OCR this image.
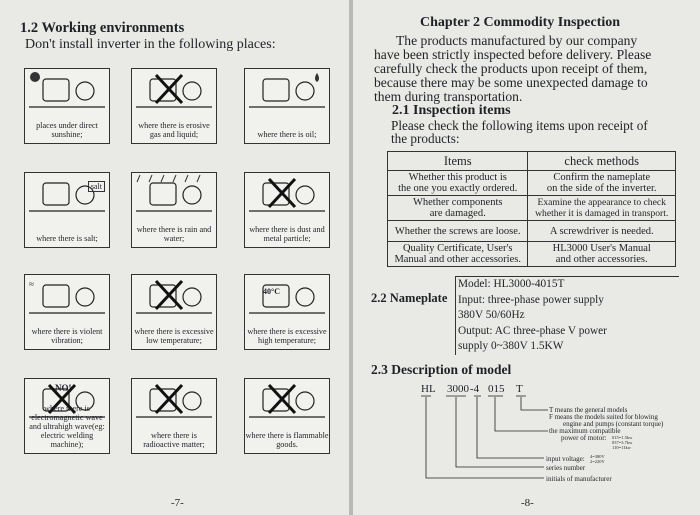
1.2 Working environments
Don't install inverter in the following places:
places under direct sunshine;
where there is erosive gas and liquid;	where there is oil;
salt
where there is salt;
where there is rain and water;
where there is dust and metal particle;
≈
where there is violent vibration;
where there is excessive low temperature;
40°C
where there is excessive high temperature;
NO!
where there is electromagnetic wave and ultrahigh wave(eg: electric welding machine);
where there is radioactive matter;
where there is flammable goods.
-7-
Chapter 2 Commodity Inspection
The products manufactured by our company
have been strictly inspected before delivery. Please
carefully check the products upon receipt of them,
because there may be some unexpected damage to
them during transportation.
2.1 Inspection items
Please check the following items upon receipt of
the products:
Items	check methods
Whether this product is
the one you exactly ordered.	Confirm the nameplate
on the side of the inverter.
Whether components
are damaged.	Examine the appearance to check
whether it is damaged in transport.
Whether the screws are loose.	A screwdriver is needed.
Quality Certificate, User's
Manual and other accessories.	HL3000 User's Manual
and other accessories.
2.2 Nameplate
Model: HL3000-4015T
Input: three-phase power supply
380V 50/60Hz
Output: AC three-phase V power
supply 0~380V 1.5KW
2.3 Description of model
HL 3000 -4 015 T
T means the general models
F means the models suited for blowing
engine and pumps (constant torque)
the maximum compatible
power of motor: 015=1.5kw
037=3.7kw
110=11kw
input voltage: 4=380V
2=220V
series number
initials of manufacturer
-8-
